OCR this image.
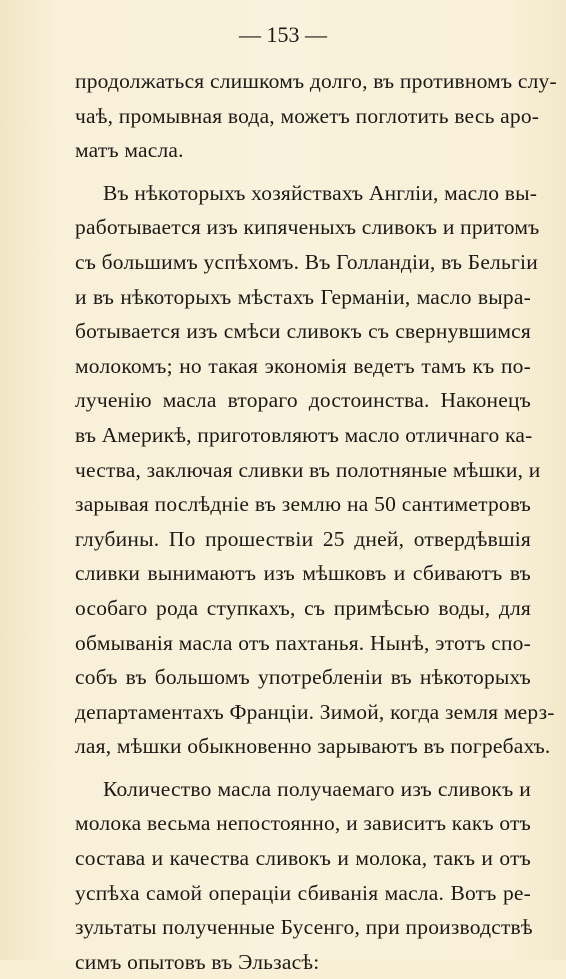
— 153 —
продолжаться слишкомъ долго, въ противномъ слу-
чаѣ, промывная вода, можетъ поглотить весь аро-
матъ масла.
Въ нѣкоторыхъ хозяйствахъ Англіи, масло вы-
работывается изъ кипяченыхъ сливокъ и притомъ
съ большимъ успѣхомъ. Въ Голландіи, въ Бельгіи
и въ нѣкоторыхъ мѣстахъ Германіи, масло выра-
ботывается изъ смѣси сливокъ съ свернувшимся
молокомъ; но такая экономія ведетъ тамъ къ по-
лученію масла втораго достоинства. Наконецъ
въ Америкѣ, приготовляютъ масло отличнаго ка-
чества, заключая сливки въ полотняные мѣшки, и
зарывая послѣдніе въ землю на 50 сантиметровъ
глубины. По прошествіи 25 дней, отвердѣвшія
сливки вынимаютъ изъ мѣшковъ и сбиваютъ въ
особаго рода ступкахъ, съ примѣсью воды, для
обмыванія масла отъ пахтанья. Нынѣ, этотъ спо-
собъ въ большомъ употребленіи въ нѣкоторыхъ
департаментахъ Франціи. Зимой, когда земля мерз-
лая, мѣшки обыкновенно зарываютъ въ погребахъ.
Количество масла получаемаго изъ сливокъ и
молока весьма непостоянно, и зависитъ какъ отъ
состава и качества сливокъ и молока, такъ и отъ
успѣха самой операціи сбиванія масла. Вотъ ре-
зультаты полученные Бусенго, при производствѣ
симъ опытовъ въ Эльзасѣ:
